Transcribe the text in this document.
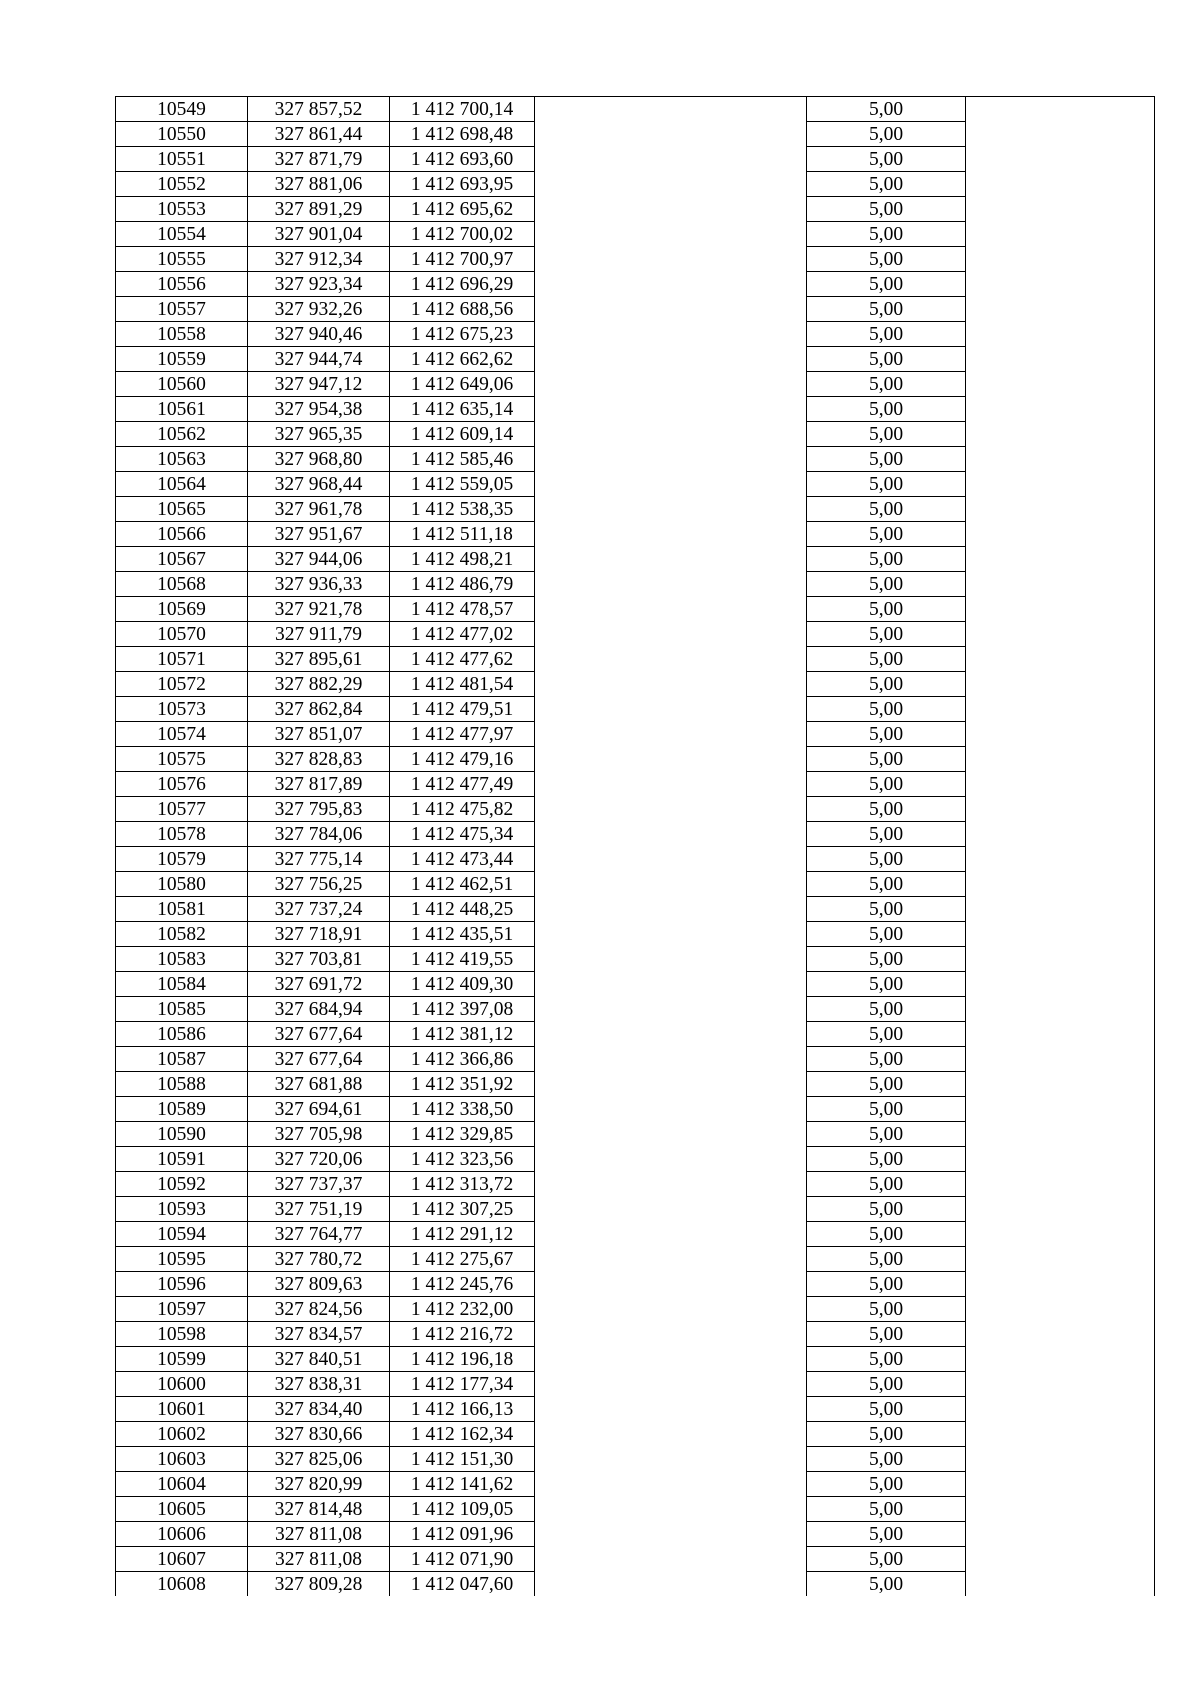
10549	327 857,52	1 412 700,14		5,00	
10550	327 861,44	1 412 698,48		5,00	
10551	327 871,79	1 412 693,60		5,00	
10552	327 881,06	1 412 693,95		5,00	
10553	327 891,29	1 412 695,62		5,00	
10554	327 901,04	1 412 700,02		5,00	
10555	327 912,34	1 412 700,97		5,00	
10556	327 923,34	1 412 696,29		5,00	
10557	327 932,26	1 412 688,56		5,00	
10558	327 940,46	1 412 675,23		5,00	
10559	327 944,74	1 412 662,62		5,00	
10560	327 947,12	1 412 649,06		5,00	
10561	327 954,38	1 412 635,14		5,00	
10562	327 965,35	1 412 609,14		5,00	
10563	327 968,80	1 412 585,46		5,00	
10564	327 968,44	1 412 559,05		5,00	
10565	327 961,78	1 412 538,35		5,00	
10566	327 951,67	1 412 511,18		5,00	
10567	327 944,06	1 412 498,21		5,00	
10568	327 936,33	1 412 486,79		5,00	
10569	327 921,78	1 412 478,57		5,00	
10570	327 911,79	1 412 477,02		5,00	
10571	327 895,61	1 412 477,62		5,00	
10572	327 882,29	1 412 481,54		5,00	
10573	327 862,84	1 412 479,51		5,00	
10574	327 851,07	1 412 477,97		5,00	
10575	327 828,83	1 412 479,16		5,00	
10576	327 817,89	1 412 477,49		5,00	
10577	327 795,83	1 412 475,82		5,00	
10578	327 784,06	1 412 475,34		5,00	
10579	327 775,14	1 412 473,44		5,00	
10580	327 756,25	1 412 462,51		5,00	
10581	327 737,24	1 412 448,25		5,00	
10582	327 718,91	1 412 435,51		5,00	
10583	327 703,81	1 412 419,55		5,00	
10584	327 691,72	1 412 409,30		5,00	
10585	327 684,94	1 412 397,08		5,00	
10586	327 677,64	1 412 381,12		5,00	
10587	327 677,64	1 412 366,86		5,00	
10588	327 681,88	1 412 351,92		5,00	
10589	327 694,61	1 412 338,50		5,00	
10590	327 705,98	1 412 329,85		5,00	
10591	327 720,06	1 412 323,56		5,00	
10592	327 737,37	1 412 313,72		5,00	
10593	327 751,19	1 412 307,25		5,00	
10594	327 764,77	1 412 291,12		5,00	
10595	327 780,72	1 412 275,67		5,00	
10596	327 809,63	1 412 245,76		5,00	
10597	327 824,56	1 412 232,00		5,00	
10598	327 834,57	1 412 216,72		5,00	
10599	327 840,51	1 412 196,18		5,00	
10600	327 838,31	1 412 177,34		5,00	
10601	327 834,40	1 412 166,13		5,00	
10602	327 830,66	1 412 162,34		5,00	
10603	327 825,06	1 412 151,30		5,00	
10604	327 820,99	1 412 141,62		5,00	
10605	327 814,48	1 412 109,05		5,00	
10606	327 811,08	1 412 091,96		5,00	
10607	327 811,08	1 412 071,90		5,00	
10608	327 809,28	1 412 047,60		5,00	
